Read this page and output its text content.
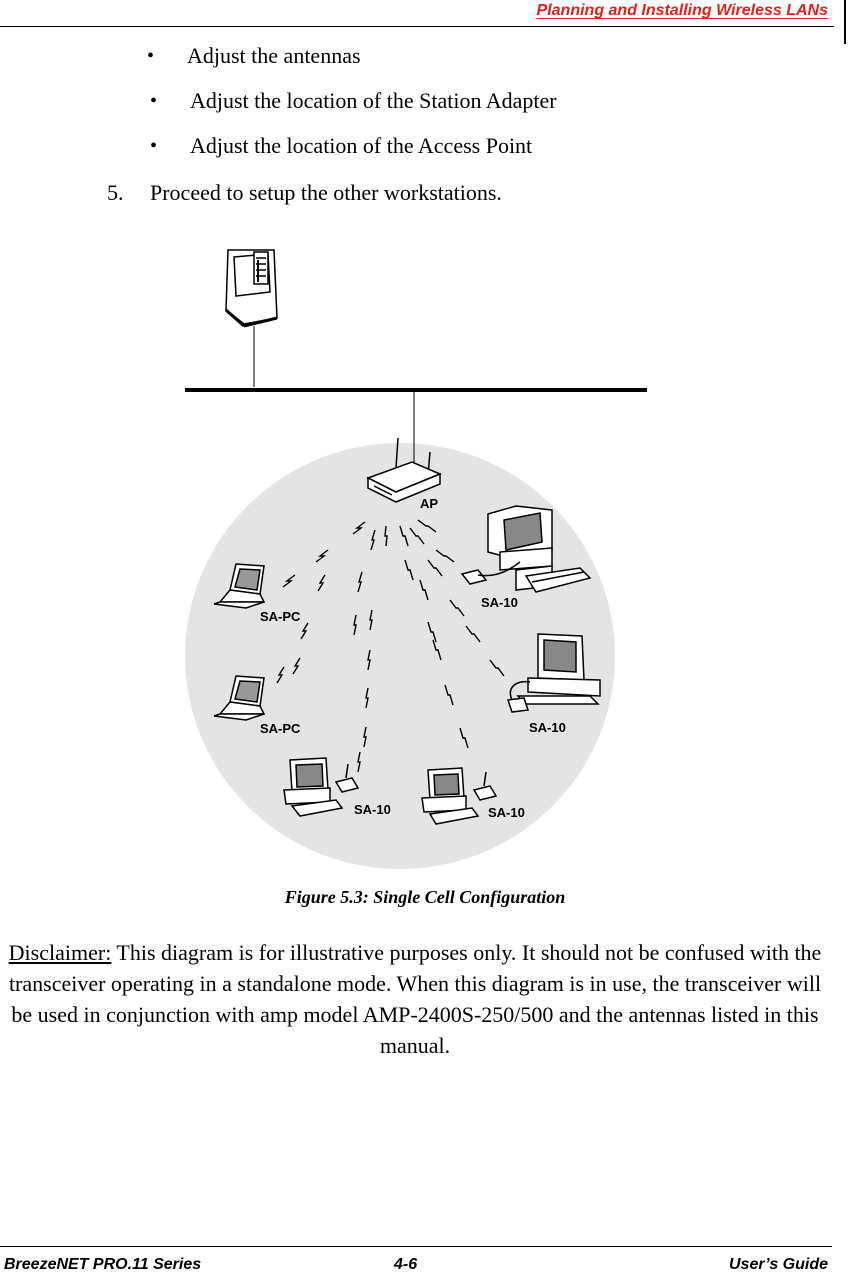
Planning and Installing Wireless LANs
• Adjust the antennas
• Adjust the location of the Station Adapter
• Adjust the location of the Access Point
5. Proceed to setup the other workstations.
AP
SA-PC
SA-PC
SA-10
SA-10
SA-10	SA-10
Figure 5.3: Single Cell Configuration
Disclaimer: This diagram is for illustrative purposes only. It should not be confused with the transceiver operating in a standalone mode. When this diagram is in use, the transceiver will be used in conjunction with amp model AMP-2400S-250/500 and the antennas listed in this manual.
BreezeNET PRO.11 Series	4-6	User’s Guide
